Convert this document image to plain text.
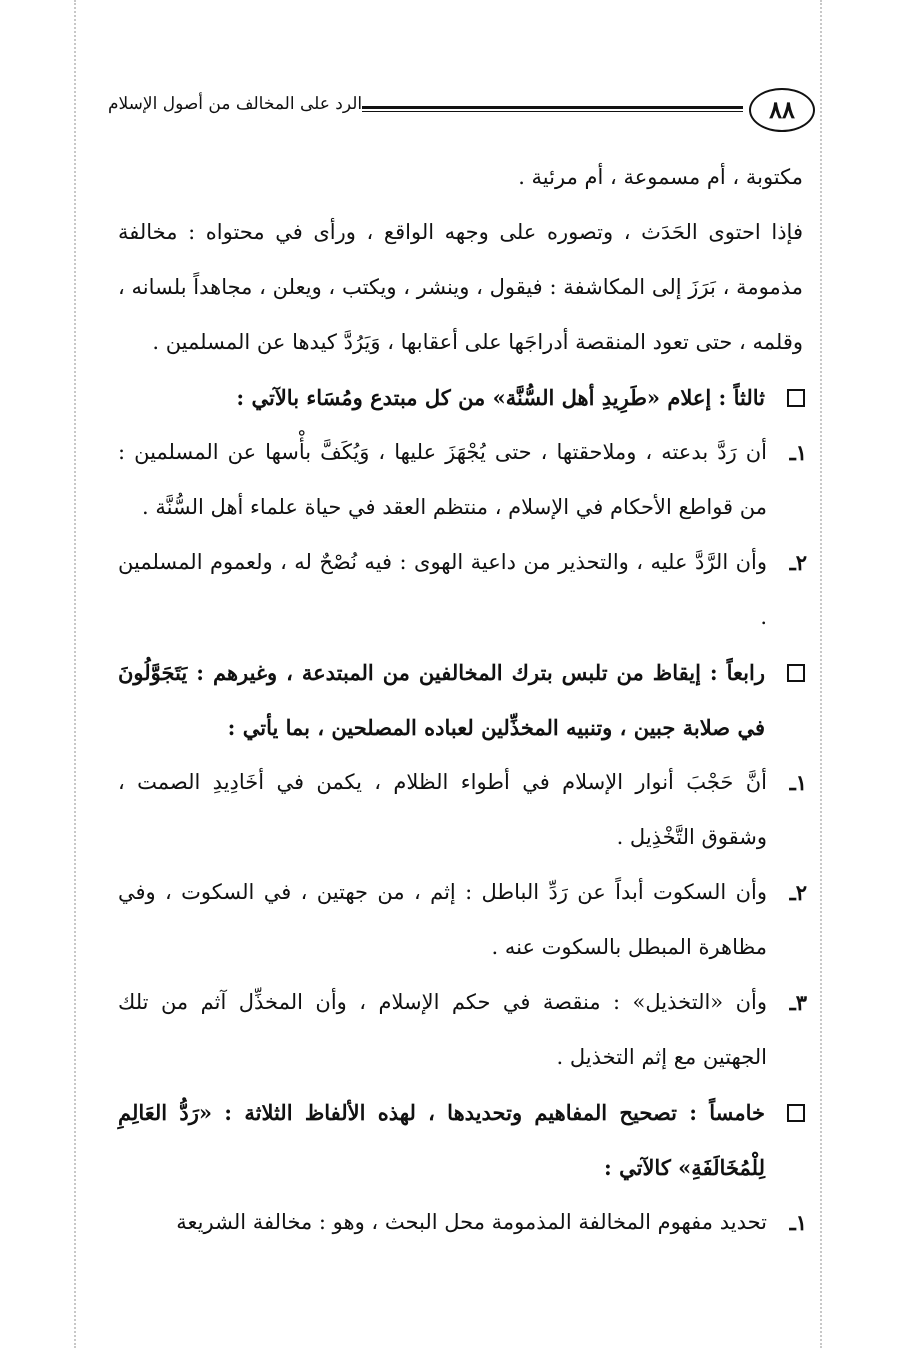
٨٨
الرد على المخالف من أصول الإسلام

مكتوبة ، أم مسموعة ، أم مرئية .

فإذا احتوى الحَدَث ، وتصوره على وجهه الواقع ، ورأى في محتواه : مخالفة مذمومة ، بَرَزَ إلى المكاشفة : فيقول ، وينشر ، ويكتب ، ويعلن ، مجاهداً بلسانه ، وقلمه ، حتى تعود المنقصة أدراجَها على أعقابها ، وَيَرُدَّ كيدها عن المسلمين .

ثالثاً : إعلام «طَرِيدِ أهل السُّنَّة» من كل مبتدع ومُسَاء بالآتي :

١ـ
أن رَدَّ بدعته ، وملاحقتها ، حتى يُجْهَزَ عليها ، وَيُكَفَّ بأْسها عن المسلمين : من قواطع الأحكام في الإسلام ، منتظم العقد في حياة علماء أهل السُّنَّة .

٢ـ
وأن الرَّدَّ عليه ، والتحذير من داعية الهوى : فيه نُصْحٌ له ، ولعموم المسلمين .

رابعاً : إيقاظ من تلبس بترك المخالفين من المبتدعة ، وغيرهم : يَتَجَوَّلُونَ في صلابة جبين ، وتنبيه المخذِّلين لعباده المصلحين ، بما يأتي :

١ـ
أنَّ حَجْبَ أنوار الإسلام في أطواء الظلام ، يكمن في أخَادِيدِ الصمت ، وشقوق التَّخْذِيل .

٢ـ
وأن السكوت أبداً عن رَدِّ الباطل : إثم ، من جهتين ، في السكوت ، وفي مظاهرة المبطل بالسكوت عنه .

٣ـ
وأن «التخذيل» : منقصة في حكم الإسلام ، وأن المخذِّل آثم من تلك الجهتين مع إثم التخذيل .

خامساً : تصحيح المفاهيم وتحديدها ، لهذه الألفاظ الثلاثة : «رَدُّ العَالِمِ لِلْمُخَالَفَةِ» كالآتي :

١ـ
تحديد مفهوم المخالفة المذمومة محل البحث ، وهو : مخالفة الشريعة
